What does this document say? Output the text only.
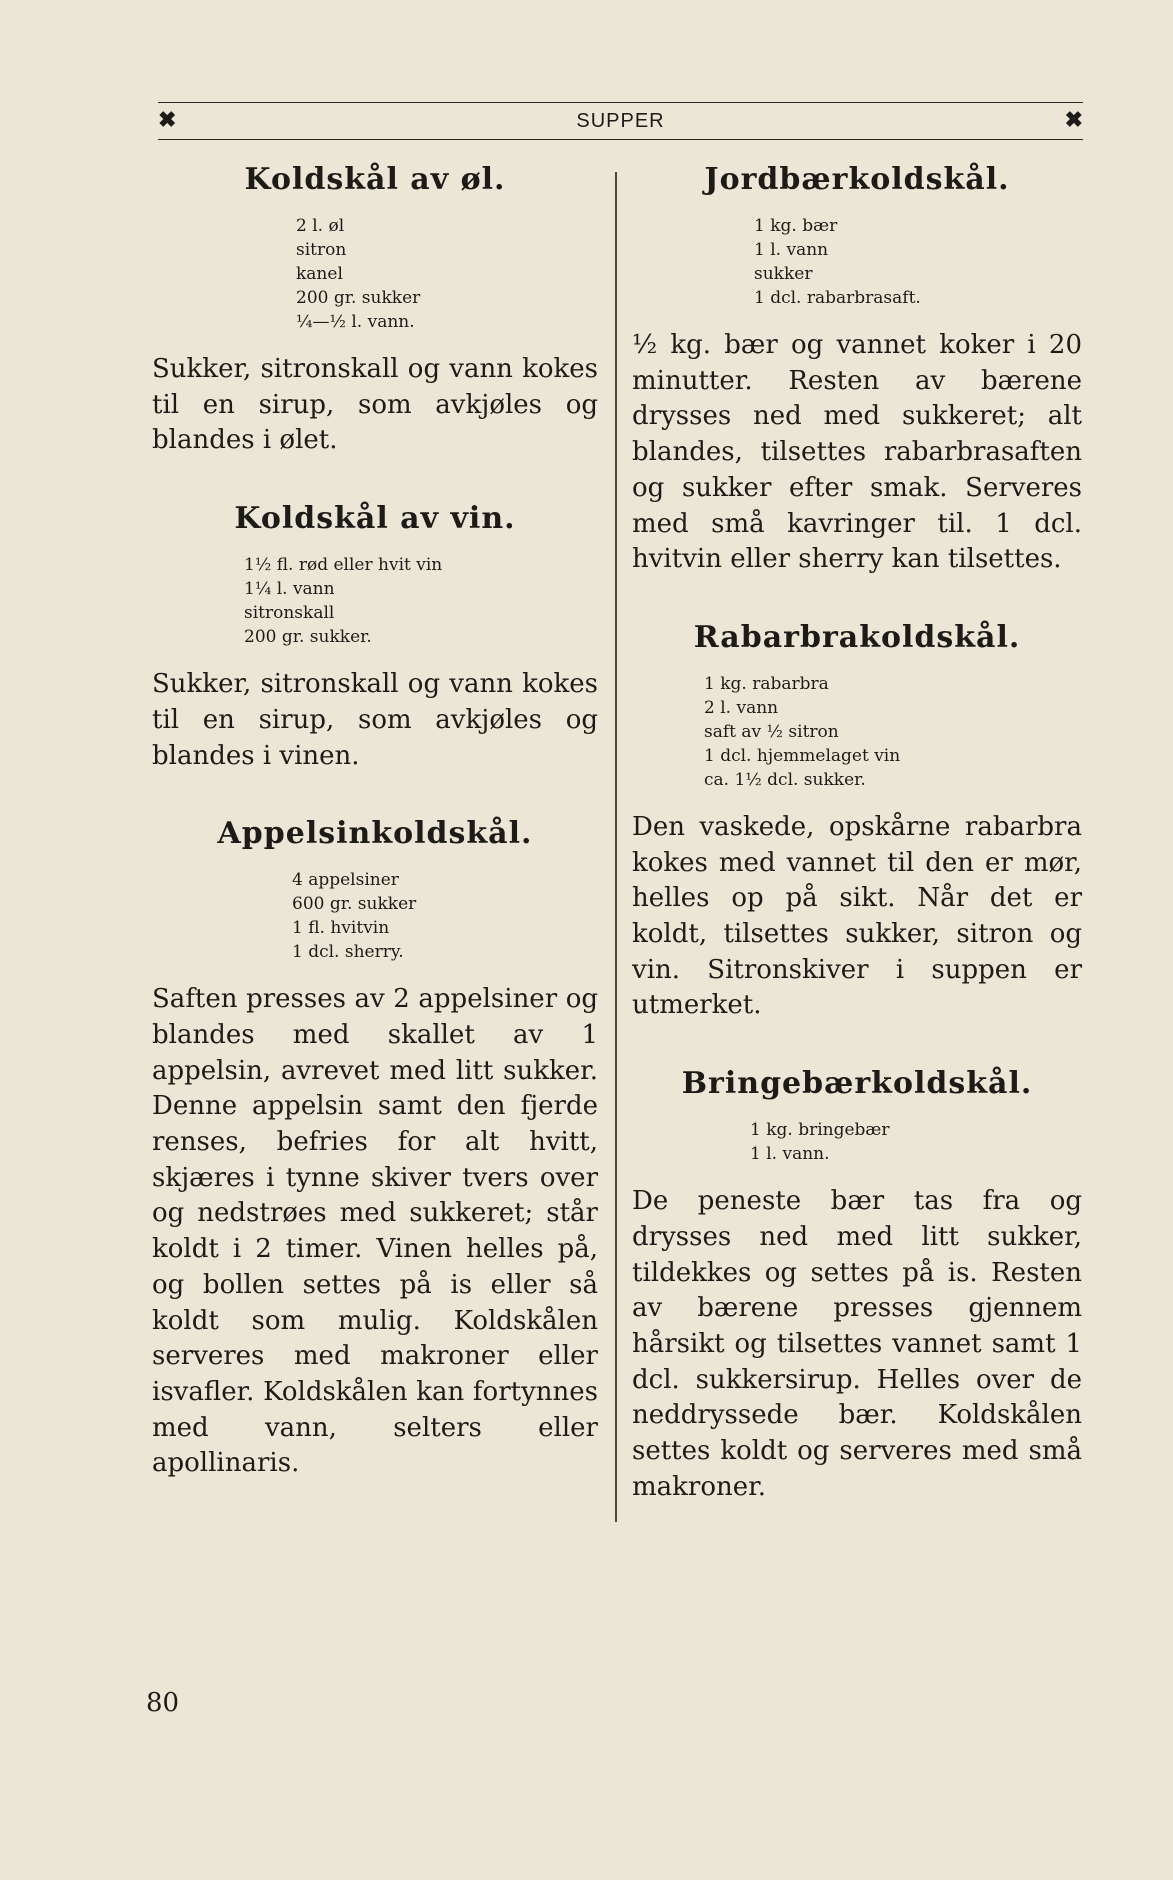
✖	SUPPER	✖
Koldskål av øl.
2 l. øl
sitron
kanel
200 gr. sukker
¼—½ l. vann.

Sukker, sitronskall og vann kokes til en sirup, som avkjøles og blandes i ølet.

Koldskål av vin.
1½ fl. rød eller hvit vin
1¼ l. vann
sitronskall
200 gr. sukker.

Sukker, sitronskall og vann kokes til en sirup, som avkjøles og blandes i vinen.

Appelsinkoldskål.
4 appelsiner
600 gr. sukker
1 fl. hvitvin
1 dcl. sherry.

Saften presses av 2 appelsiner og blandes med skallet av 1 appelsin, avrevet med litt sukker. Denne appelsin samt den fjerde renses, befries for alt hvitt, skjæres i tynne skiver tvers over og nedstrøes med sukkeret; står koldt i 2 timer. Vinen helles på, og bollen settes på is eller så koldt som mulig. Koldskålen serveres med makroner eller isvafler. Koldskålen kan fortynnes med vann, selters eller apollinaris.

Jordbærkoldskål.
1 kg. bær
1 l. vann
sukker
1 dcl. rabarbrasaft.

½ kg. bær og vannet koker i 20 minutter. Resten av bærene drysses ned med sukkeret; alt blandes, tilsettes rabarbrasaften og sukker efter smak. Serveres med små kavringer til. 1 dcl. hvitvin eller sherry kan tilsettes.

Rabarbrakoldskål.
1 kg. rabarbra
2 l. vann
saft av ½ sitron
1 dcl. hjemmelaget vin
ca. 1½ dcl. sukker.

Den vaskede, opskårne rabarbra kokes med vannet til den er mør, helles op på sikt. Når det er koldt, tilsettes sukker, sitron og vin. Sitronskiver i suppen er utmerket.

Bringebærkoldskål.
1 kg. bringebær
1 l. vann.

De peneste bær tas fra og drysses ned med litt sukker, tildekkes og settes på is. Resten av bærene presses gjennem hårsikt og tilsettes vannet samt 1 dcl. sukkersirup. Helles over de neddryssede bær. Koldskålen settes koldt og serveres med små makroner.

80
